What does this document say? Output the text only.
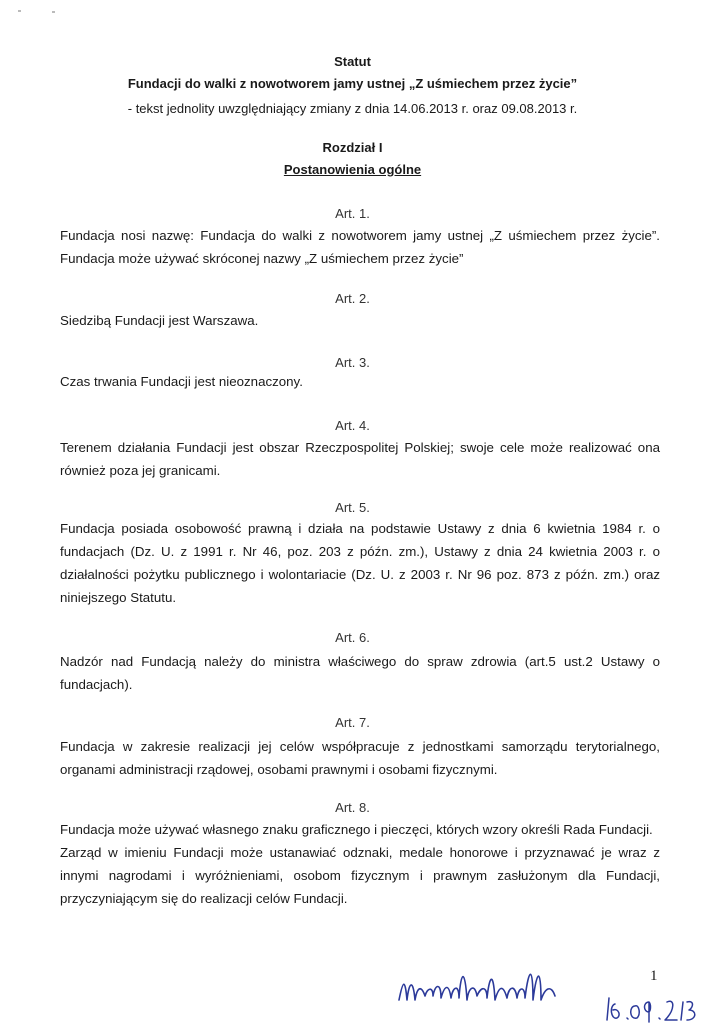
Statut
Fundacji do walki z nowotworem jamy ustnej „Z uśmiechem przez życie”
- tekst jednolity uwzględniający zmiany z dnia 14.06.2013 r. oraz 09.08.2013 r.
Rozdział I
Postanowienia ogólne
Art. 1.

Fundacja nosi nazwę: Fundacja do walki z nowotworem jamy ustnej „Z uśmiechem przez życie”. Fundacja może używać skróconej nazwy „Z uśmiechem przez życie”

Art. 2.

Siedzibą Fundacji jest Warszawa.

Art. 3.

Czas trwania Fundacji jest nieoznaczony.

Art. 4.

Terenem działania Fundacji jest obszar Rzeczpospolitej Polskiej; swoje cele może realizować ona również poza jej granicami.

Art. 5.

Fundacja posiada osobowość prawną i działa na podstawie Ustawy z dnia 6 kwietnia 1984 r. o fundacjach (Dz. U. z 1991 r. Nr 46, poz. 203 z późn. zm.), Ustawy z dnia 24 kwietnia 2003 r. o działalności pożytku publicznego i wolontariacie (Dz. U. z 2003 r. Nr 96 poz. 873 z późn. zm.) oraz niniejszego Statutu.

Art. 6.

Nadzór nad Fundacją należy do ministra właściwego do spraw zdrowia (art.5 ust.2 Ustawy o fundacjach).

Art. 7.

Fundacja w zakresie realizacji jej celów współpracuje z jednostkami samorządu terytorialnego, organami administracji rządowej, osobami prawnymi i osobami fizycznymi.

Art. 8.

Fundacja może używać własnego znaku graficznego i pieczęci, których wzory określi Rada Fundacji.

Zarząd w imieniu Fundacji może ustanawiać odznaki, medale honorowe i przyznawać je wraz z innymi nagrodami i wyróżnieniami, osobom fizycznym i prawnym zasłużonym dla Fundacji, przyczyniającym się do realizacji celów Fundacji.

1
